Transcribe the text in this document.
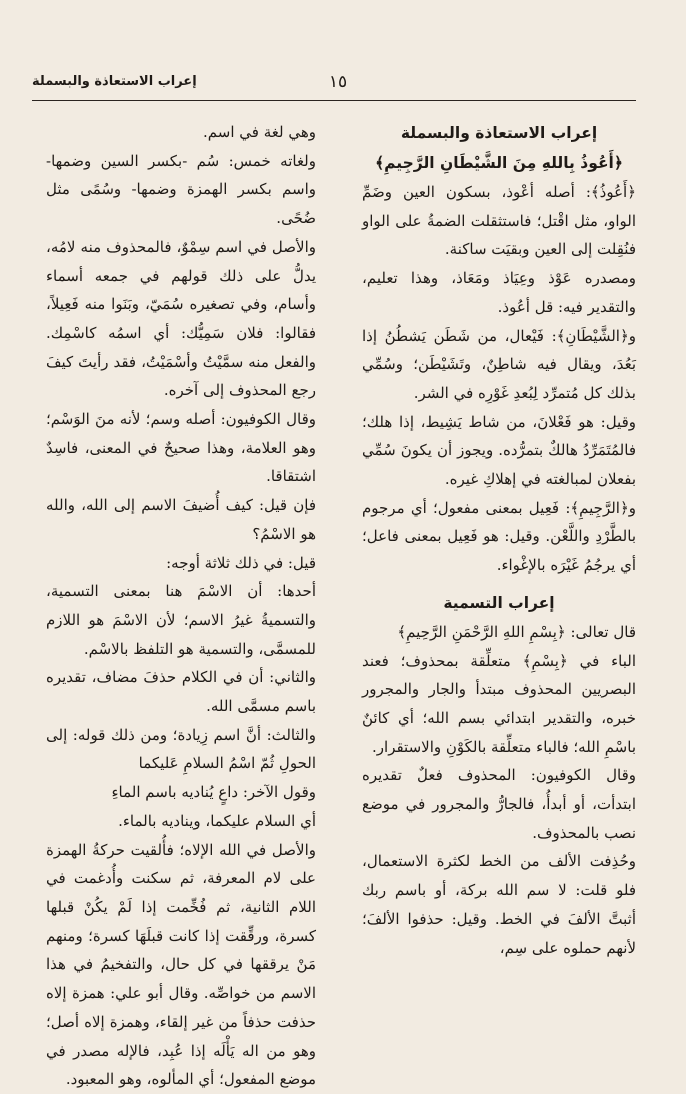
إعراب الاستعاذة والبسملة	١٥
إعراب الاستعاذة والبسملة
﴿أَعُوذُ بِاللهِ مِنَ الشَّيْطَانِ الرَّجِيمِ﴾

﴿أَعُوذُ﴾: أصله أعْوذ، بسكون العين وضَمِّ الواو، مثل اقْتل؛ فاستثقلت الضمةُ على الواو فنُقِلت إلى العين وبقيَت ساكنة.

ومصدره عَوْذ وعِيَاذ ومَعَاذ، وهذا تعليم، والتقدير فيه: قل أعُوذ.

و﴿الشَّيْطَانِ﴾: فَيْعال، من شَطَن يَشطُنُ إذا بَعُدَ، ويقال فيه شاطِنٌ، وتَشَيْطَن؛ وسُمِّي بذلك كل مُتمرِّد لِبُعدِ غَوْرِه في الشر.

وقيل: هو فَعْلانَ، من شاط يَشِيط، إذا هلك؛ فالمُتَمَرِّدُ هالكٌ بتمرُّده. ويجوز أن يكونَ سُمِّي بفعلان لمبالغته في إهلاكِ غيره.

و﴿الرَّجِيمِ﴾: فَعِيل بمعنى مفعول؛ أي مرجوم بالطَّرْدِ واللَّعْن. وقيل: هو فَعِيل بمعنى فاعل؛ أي يرجُمُ غَيْرَه بالإغْواء.

إعراب التسمية

قال تعالى: ﴿بِسْمِ اللهِ الرَّحْمَنِ الرَّحِيمِ﴾

الباء في ﴿بِسْمِ﴾ متعلِّقة بمحذوف؛ فعند البصريين المحذوف مبتدأ والجار والمجرور خبره، والتقدير ابتدائي بسم الله؛ أي كائنٌ باسْمِ الله؛ فالباء متعلِّقة بالكَوْنِ والاستقرار.

وقال الكوفيون: المحذوف فعلٌ تقديره ابتدأت، أو أبدأُ، فالجارُّ والمجرور في موضع نصب بالمحذوف.

وحُذِفت الألف من الخط لكثرة الاستعمال، فلو قلت: لا سم الله بركة، أو باسم ربك أثبتَّ الألفَ في الخط. وقيل: حذفوا الألفَ؛ لأنهم حملوه على سِم،

وهي لغة في اسم.

ولغاته خمس: سُم -بكسر السين وضمها- واسم بكسر الهمزة وضمها- وسُمًى مثل ضُحًى.

والأصل في اسم سِمْوٌ، فالمحذوف منه لامُه، يدلُّ على ذلك قولهم في جمعه أسماء وأسام، وفي تصغيره سُمَيّ، وبَنَوا منه فَعِيلاً، فقالوا: فلان سَمِيُّك: أي اسمُه كاسْمِك. والفعل منه سمَّيْتُ وأسْمَيْتُ، فقد رأيتَ كيفَ رجع المحذوف إلى آخره.

وقال الكوفيون: أصله وسم؛ لأنه منَ الوَسْم؛ وهو العلامة، وهذا صحيحٌ في المعنى، فاسِدٌ اشتقاقا.

فإن قيل: كيف أُضيفَ الاسم إلى الله، والله هو الاسْمُ؟

قيل: في ذلك ثلاثة أوجه:

أحدها: أن الاسْمَ هنا بمعنى التسمية، والتسميةُ غيرُ الاسم؛ لأن الاسْمَ هو اللازم للمسمَّى، والتسمية هو التلفظ بالاسْم.

والثاني: أن في الكلام حذفَ مضاف، تقديره باسم مسمَّى الله.

والثالث: أنَّ اسم زِيادة؛ ومن ذلك قوله: إلى الحولِ ثُمّ اسْمُ السلامِ عَليكما

وقول الآخر: داعٍ يُناديه باسم الماءِ

أي السلام عليكما، ويناديه بالماء.

والأصل في الله الإلاه؛ فأُلقيت حركةُ الهمزة على لام المعرفة، ثم سكنت وأُدغمت في اللام الثانية، ثم فُخِّمت إذا لَمْ يكُنْ قبلها كسرة، ورقِّقت إذا كانت قبلَهَا كسرة؛ ومنهم مَنْ يرققها في كل حال، والتفخيمُ في هذا الاسم من خواصِّه. وقال أبو علي: همزة إلاه حذفت حذفاً من غير إلقاء، وهمزة إلاه أصل؛ وهو من اله يَأْلَه إذا عُبِد، فالإله مصدر في موضع المفعول؛ أي المألوه، وهو المعبود.
